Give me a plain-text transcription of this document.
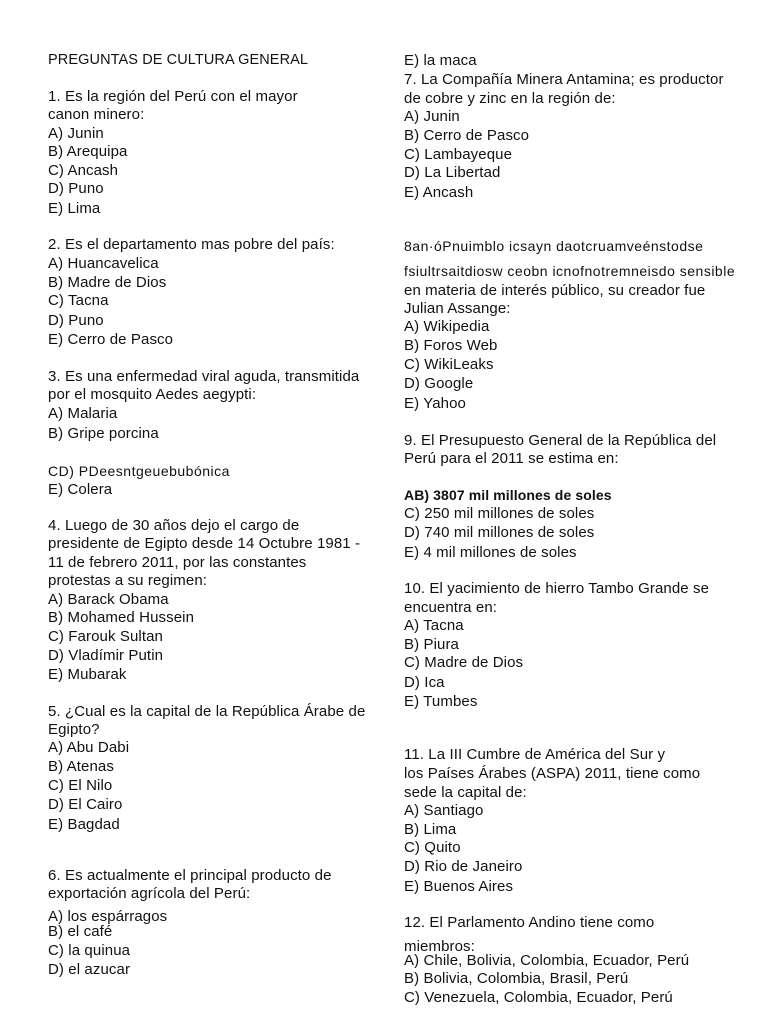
PREGUNTAS DE CULTURA GENERAL
1. Es la región del Perú con el mayor
canon minero:
A) Junin
B) Arequipa
C) Ancash
D) Puno
E) Lima
2. Es el departamento mas pobre del país:
A) Huancavelica
B) Madre de Dios
C) Tacna
D) Puno
E) Cerro de Pasco
3. Es una enfermedad viral aguda, transmitida
por el mosquito Aedes aegypti:
A) Malaria
B) Gripe porcina
CD) PDeesntgeuebubónica
E) Colera
4. Luego de 30 años dejo el cargo de
presidente de Egipto desde 14 Octubre 1981 -
11 de febrero 2011, por las constantes
protestas a su regimen:
A) Barack Obama
B) Mohamed Hussein
C) Farouk Sultan
D) Vladímir Putin
E) Mubarak
5. ¿Cual es la capital de la República Árabe de
Egipto?
A) Abu Dabi
B) Atenas
C) El Nilo
D) El Cairo
E) Bagdad
6. Es actualmente el principal producto de
exportación agrícola del Perú:
A) los espárragos
B) el café
C) la quinua
D) el azucar
E) la maca
7. La Compañía Minera Antamina; es productor
de cobre y zinc en la región de:
A) Junin
B) Cerro de Pasco
C) Lambayeque
D) La Libertad
E) Ancash
8an·óPnuimblo icsayn daotcruamvеénstodse
fsiultrsaitdiosw ceobn icnofnotremneisdo sensible
en materia de interés público, su creador fue
Julian Assange:
A) Wikipedia
B) Foros Web
C) WikiLeaks
D) Google
E) Yahoo
9. El Presupuesto General de la República del
Perú para el 2011 se estima en:
AB) 3807 mil millones de soles
C) 250 mil millones de soles
D) 740 mil millones de soles
E) 4 mil millones de soles
10. El yacimiento de hierro Tambo Grande se
encuentra en:
A) Tacna
B) Piura
C) Madre de Dios
D) Ica
E) Tumbes
11. La III Cumbre de América del Sur y
los Países Árabes (ASPA) 2011, tiene como
sede la capital de:
A) Santiago
B) Lima
C) Quito
D) Rio de Janeiro
E) Buenos Aires
12. El Parlamento Andino tiene como
miembros:
A) Chile, Bolivia, Colombia, Ecuador, Perú
B) Bolivia, Colombia, Brasil, Perú
C) Venezuela, Colombia, Ecuador, Perú
